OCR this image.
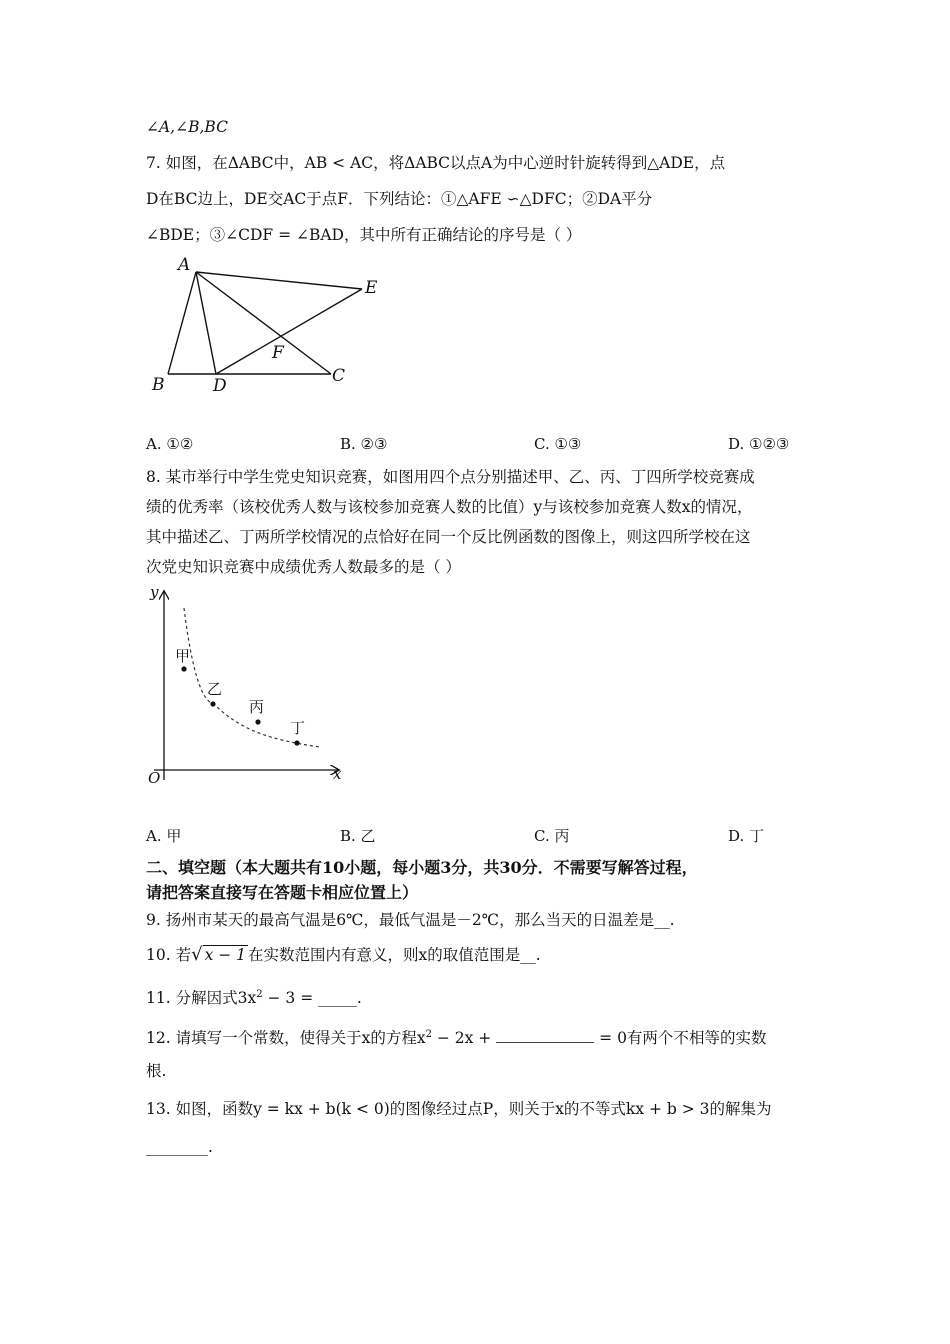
∠A,∠B,BC
7. 如图，在ΔABC中，AB < AC，将ΔABC以点A为中心逆时针旋转得到△ADE，点
D在BC边上，DE交AC于点F．下列结论：①△AFE ∽△DFC；②DA平分
∠BDE；③∠CDF = ∠BAD，其中所有正确结论的序号是（ ）
A
B	C
D
E
F
A. ①②	B. ②③	C. ①③	D. ①②③
8. 某市举行中学生党史知识竞赛，如图用四个点分别描述甲、乙、丙、丁四所学校竞赛成
绩的优秀率（该校优秀人数与该校参加竞赛人数的比值）y与该校参加竞赛人数x的情况，
其中描述乙、丁两所学校情况的点恰好在同一个反比例函数的图像上，则这四所学校在这
次党史知识竞赛中成绩优秀人数最多的是（ ）
y
x
O
甲
乙
丙
丁
A. 甲	B. 乙	C. 丙	D. 丁
二、填空题（本大题共有10小题，每小题3分，共30分．不需要写解答过程，
请把答案直接写在答题卡相应位置上）
9. 扬州市某天的最高气温是6℃，最低气温是－2℃，那么当天的日温差是__.
10. 若√ x − 1 在实数范围内有意义，则x的取值范围是__.
11. 分解因式$3x^2 - 3$ = _____.
12. 请填写一个常数，使得关于x的方程$x^2 - 2x$ +	= 0有两个不相等的实数
根.
13. 如图，函数y = kx + b(k < 0)的图像经过点P，则关于x的不等式kx + b > 3的解集为
________.
